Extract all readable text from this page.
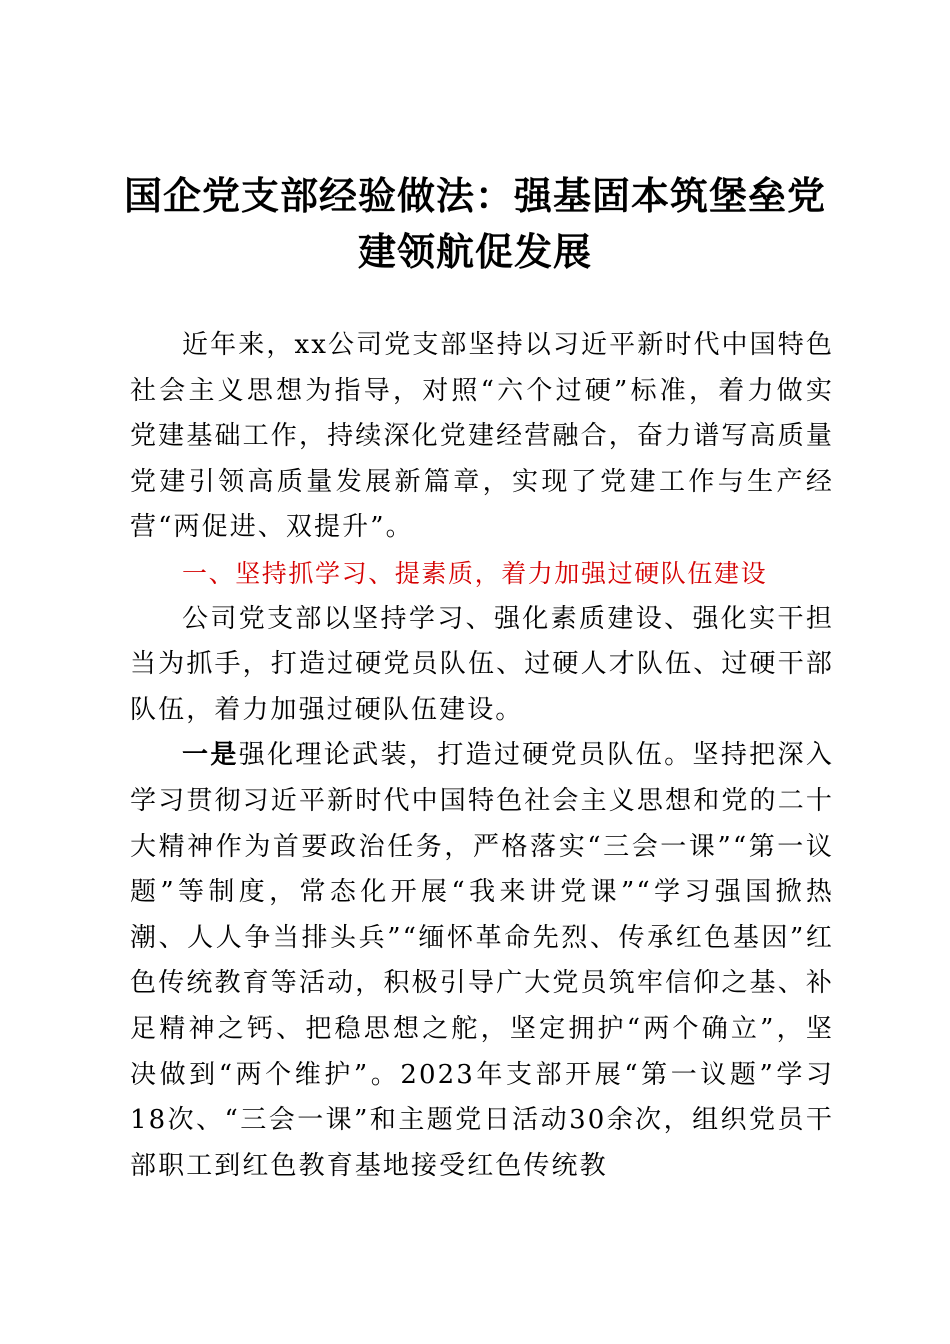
国企党支部经验做法：强基固本筑堡垒党建领航促发展

近年来，xx公司党支部坚持以习近平新时代中国特色社会主义思想为指导，对照“六个过硬”标准，着力做实党建基础工作，持续深化党建经营融合，奋力谱写高质量党建引领高质量发展新篇章，实现了党建工作与生产经营“两促进、双提升”。

一、坚持抓学习、提素质，着力加强过硬队伍建设

公司党支部以坚持学习、强化素质建设、强化实干担当为抓手，打造过硬党员队伍、过硬人才队伍、过硬干部队伍，着力加强过硬队伍建设。

一是强化理论武装，打造过硬党员队伍。坚持把深入学习贯彻习近平新时代中国特色社会主义思想和党的二十大精神作为首要政治任务，严格落实“三会一课”“第一议题”等制度，常态化开展“我来讲党课”“学习强国掀热潮、人人争当排头兵”“缅怀革命先烈、传承红色基因”红色传统教育等活动，积极引导广大党员筑牢信仰之基、补足精神之钙、把稳思想之舵，坚定拥护“两个确立”，坚决做到“两个维护”。2023年支部开展“第一议题”学习18次、“三会一课”和主题党日活动30余次，组织党员干部职工到红色教育基地接受红色传统教
